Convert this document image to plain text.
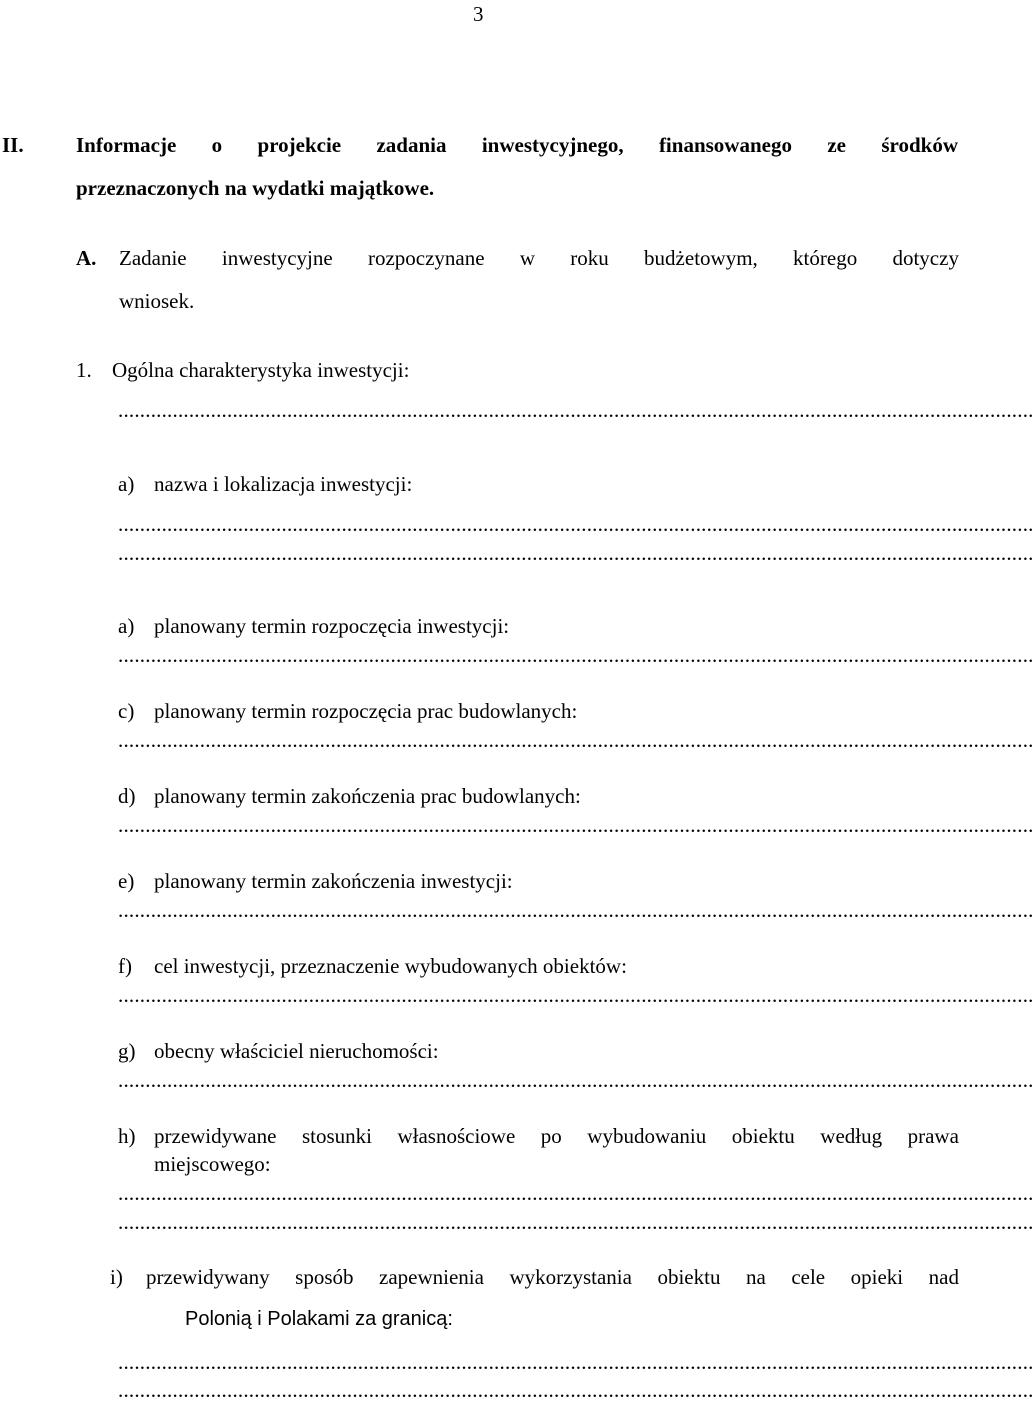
3
II. Informacje o projekcie zadania inwestycyjnego, finansowanego ze środków
przeznaczonych na wydatki majątkowe.
A. Zadanie inwestycyjne rozpoczynane w roku budżetowym, którego dotyczy
wniosek.
1. Ogólna charakterystyka inwestycji:
........................................................................................................................................................................
a) nazwa i lokalizacja inwestycji:
........................................................................................................................................................................
........................................................................................................................................................................
a) planowany termin rozpoczęcia inwestycji:
........................................................................................................................................................................
c) planowany termin rozpoczęcia prac budowlanych:
........................................................................................................................................................................
d) planowany termin zakończenia prac budowlanych:
........................................................................................................................................................................
e) planowany termin zakończenia inwestycji:
........................................................................................................................................................................
f) cel inwestycji, przeznaczenie wybudowanych obiektów:
........................................................................................................................................................................
g) obecny właściciel nieruchomości:
........................................................................................................................................................................
h) przewidywane stosunki własnościowe po wybudowaniu obiektu według prawa
miejscowego:
........................................................................................................................................................................
........................................................................................................................................................................
i) przewidywany sposób zapewnienia wykorzystania obiektu na cele opieki nad
Polonią i Polakami za granicą:
........................................................................................................................................................................
........................................................................................................................................................................
